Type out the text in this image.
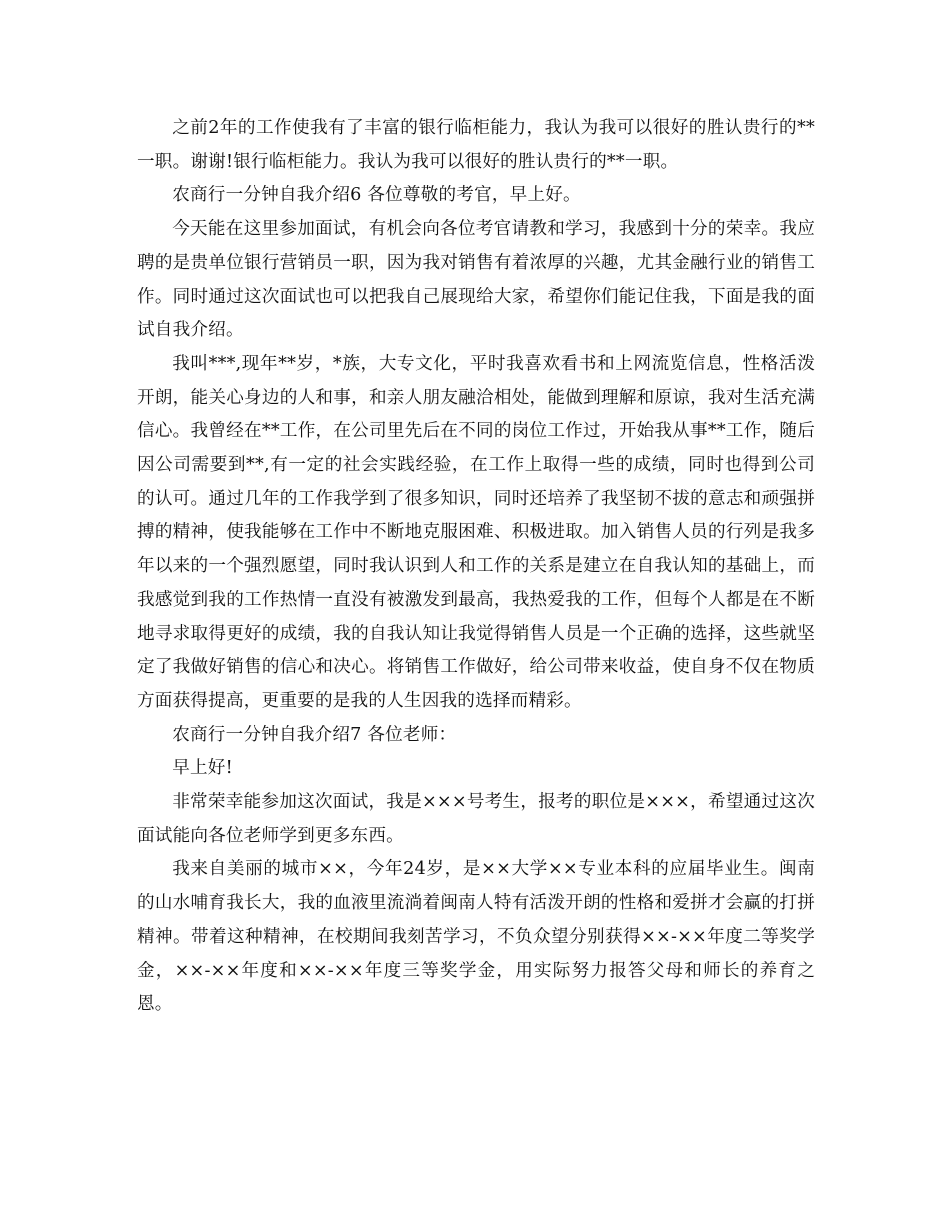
之前2年的工作使我有了丰富的银行临柜能力，我认为我可以很好的胜认贵行的**一职。谢谢!银行临柜能力。我认为我可以很好的胜认贵行的**一职。

农商行一分钟自我介绍6 各位尊敬的考官，早上好。

今天能在这里参加面试，有机会向各位考官请教和学习，我感到十分的荣幸。我应聘的是贵单位银行营销员一职，因为我对销售有着浓厚的兴趣，尤其金融行业的销售工作。同时通过这次面试也可以把我自己展现给大家，希望你们能记住我，下面是我的面试自我介绍。

我叫***,现年**岁，*族，大专文化，平时我喜欢看书和上网流览信息，性格活泼开朗，能关心身边的人和事，和亲人朋友融洽相处，能做到理解和原谅，我对生活充满信心。我曾经在**工作，在公司里先后在不同的岗位工作过，开始我从事**工作，随后因公司需要到**,有一定的社会实践经验，在工作上取得一些的成绩，同时也得到公司的认可。通过几年的工作我学到了很多知识，同时还培养了我坚韧不拔的意志和顽强拼搏的精神，使我能够在工作中不断地克服困难、积极进取。加入销售人员的行列是我多年以来的一个强烈愿望，同时我认识到人和工作的关系是建立在自我认知的基础上，而我感觉到我的工作热情一直没有被激发到最高，我热爱我的工作，但每个人都是在不断地寻求取得更好的成绩，我的自我认知让我觉得销售人员是一个正确的选择，这些就坚定了我做好销售的信心和决心。将销售工作做好，给公司带来收益，使自身不仅在物质方面获得提高，更重要的是我的人生因我的选择而精彩。

农商行一分钟自我介绍7 各位老师：

早上好!

非常荣幸能参加这次面试，我是×××号考生，报考的职位是×××，希望通过这次面试能向各位老师学到更多东西。

我来自美丽的城市××，今年24岁，是××大学××专业本科的应届毕业生。闽南的山水哺育我长大，我的血液里流淌着闽南人特有活泼开朗的性格和爱拼才会赢的打拼精神。带着这种精神，在校期间我刻苦学习，不负众望分别获得××-××年度二等奖学金，××-××年度和××-××年度三等奖学金，用实际努力报答父母和师长的养育之恩。
